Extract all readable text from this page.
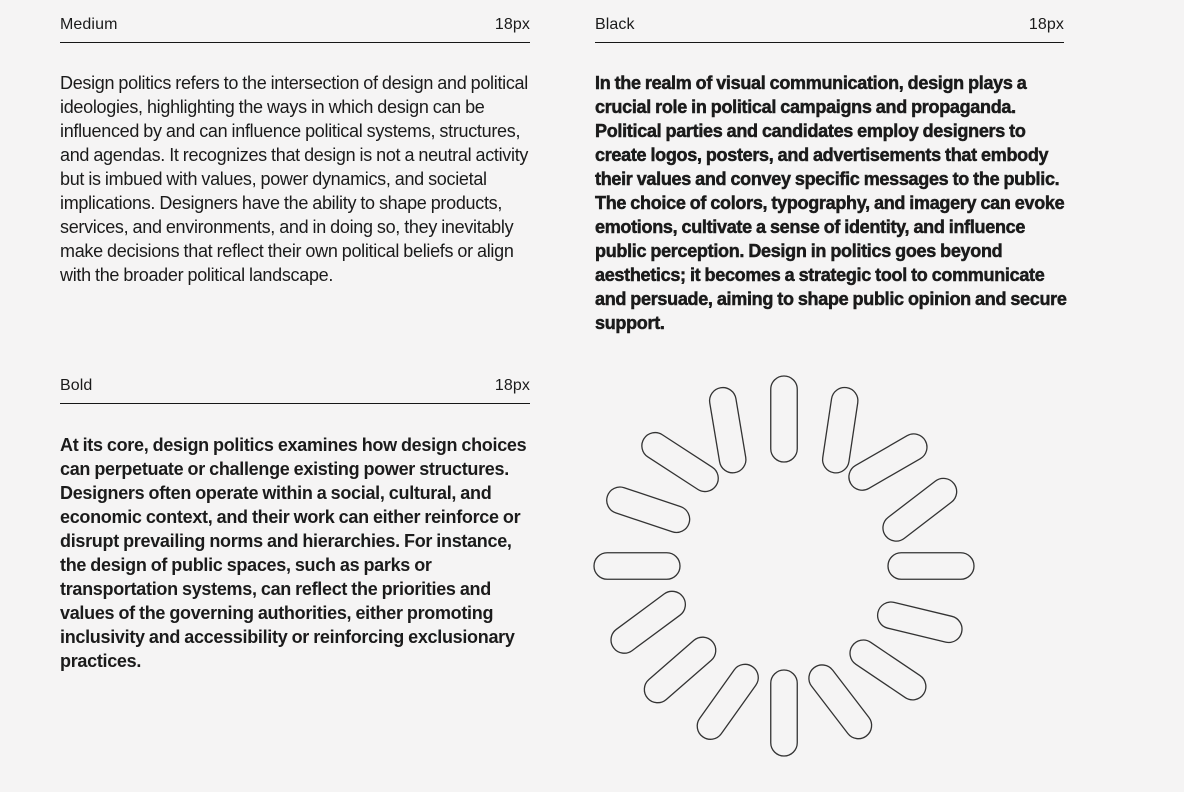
Medium	18px
Design politics refers to the intersection of design and political ideologies, highlighting the ways in which design can be influenced by and can influence political systems, structures, and agendas. It recognizes that design is not a neutral activity but is imbued with values, power dynamics, and societal implications. Designers have the ability to shape products, services, and environments, and in doing so, they inevitably make decisions that reflect their own political beliefs or align with the broader political landscape.
Bold	18px
At its core, design politics examines how design choices can perpetuate or challenge existing power structures. Designers often operate within a social, cultural, and economic context, and their work can either reinforce or disrupt prevailing norms and hierarchies. For instance, the design of public spaces, such as parks or transportation systems, can reflect the priorities and values of the governing authorities, either promoting inclusivity and accessibility or reinforcing exclusionary practices.
Black	18px
In the realm of visual communication, design plays a crucial role in political campaigns and propaganda. Political parties and candidates employ designers to create logos, posters, and advertisements that embody their values and convey specific messages to the public. The choice of colors, typography, and imagery can evoke emotions, cultivate a sense of identity, and influence public perception. Design in politics goes beyond aesthetics; it becomes a strategic tool to communicate and persuade, aiming to shape public opinion and secure support.
